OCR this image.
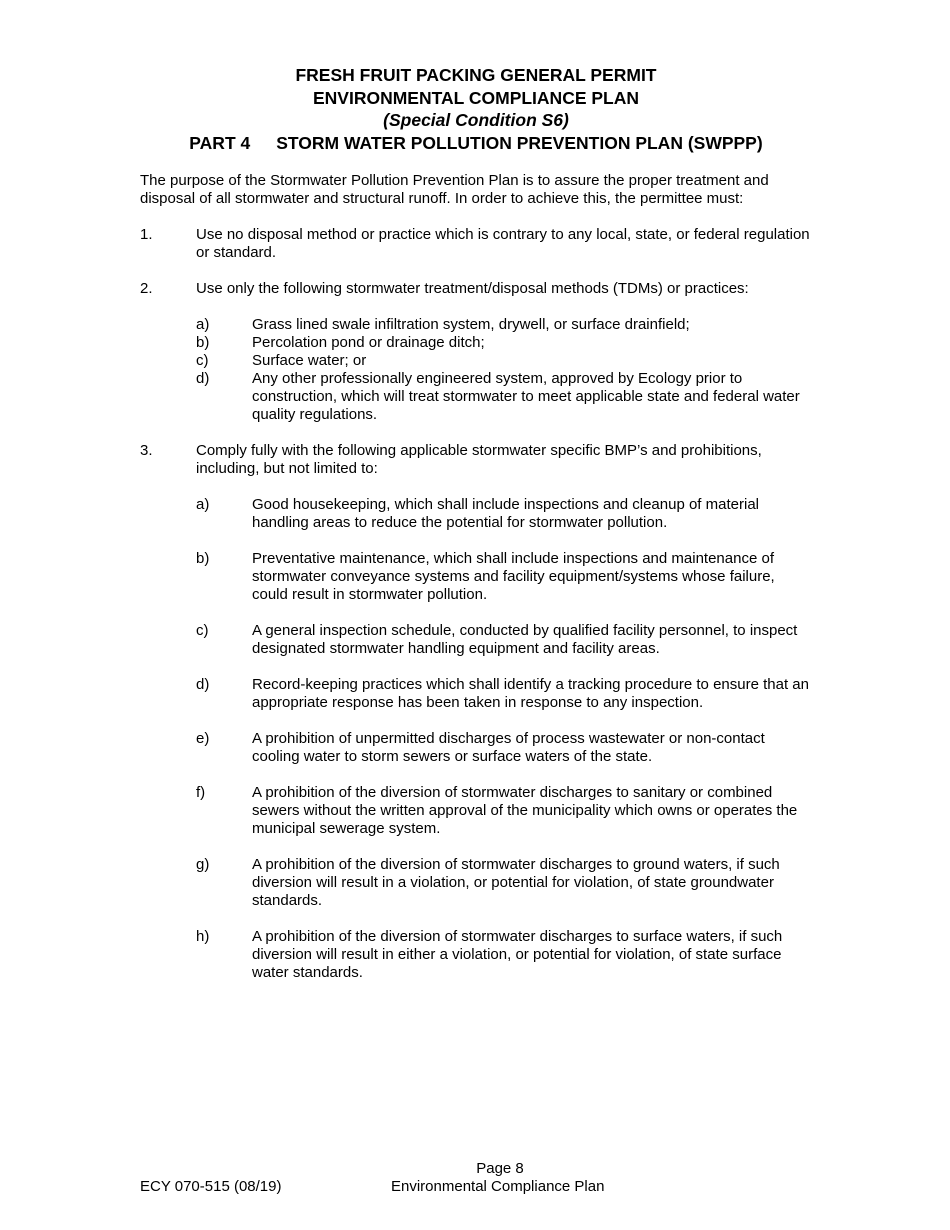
FRESH FRUIT PACKING GENERAL PERMIT
ENVIRONMENTAL COMPLIANCE PLAN
(Special Condition S6)
PART 4 STORM WATER POLLUTION PREVENTION PLAN (SWPPP)
The purpose of the Stormwater Pollution Prevention Plan is to assure the proper treatment and disposal of all stormwater and structural runoff. In order to achieve this, the permittee must:
1.	Use no disposal method or practice which is contrary to any local, state, or federal regulation or standard.
2.	Use only the following stormwater treatment/disposal methods (TDMs) or practices:
a)	Grass lined swale infiltration system, drywell, or surface drainfield;
b)	Percolation pond or drainage ditch;
c)	Surface water; or
d)	Any other professionally engineered system, approved by Ecology prior to construction, which will treat stormwater to meet applicable state and federal water quality regulations.
3.	Comply fully with the following applicable stormwater specific BMP’s and prohibitions, including, but not limited to:
a)	Good housekeeping, which shall include inspections and cleanup of material handling areas to reduce the potential for stormwater pollution.
b)	Preventative maintenance, which shall include inspections and maintenance of stormwater conveyance systems and facility equipment/systems whose failure, could result in stormwater pollution.
c)	A general inspection schedule, conducted by qualified facility personnel, to inspect designated stormwater handling equipment and facility areas.
d)	Record-keeping practices which shall identify a tracking procedure to ensure that an appropriate response has been taken in response to any inspection.
e)	A prohibition of unpermitted discharges of process wastewater or non-contact cooling water to storm sewers or surface waters of the state.
f)	A prohibition of the diversion of stormwater discharges to sanitary or combined sewers without the written approval of the municipality which owns or operates the municipal sewerage system.
g)	A prohibition of the diversion of stormwater discharges to ground waters, if such diversion will result in a violation, or potential for violation, of state groundwater standards.
h)	A prohibition of the diversion of stormwater discharges to surface waters, if such diversion will result in either a violation, or potential for violation, of state surface water standards.
Page 8
ECY 070-515 (08/19)	Environmental Compliance Plan
